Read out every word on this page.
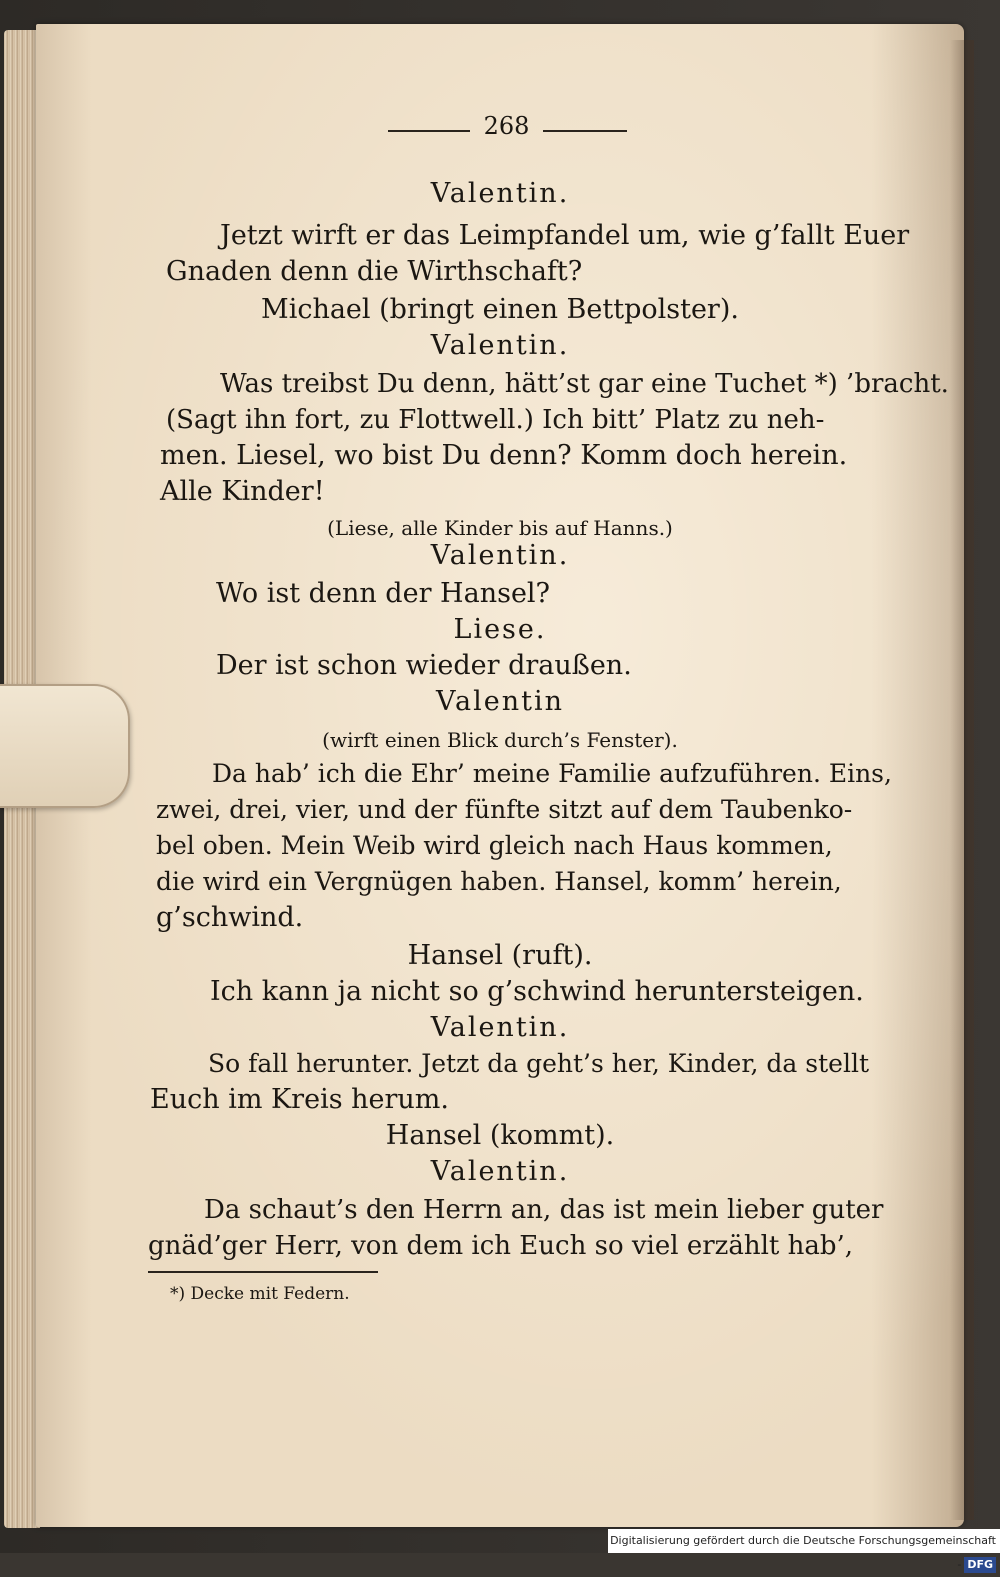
268
Valentin.
Jetzt wirft er das Leimpfandel um, wie g’fallt Euer
Gnaden denn die Wirthschaft?
Michael (bringt einen Bettpolster).
Valentin.
Was treibst Du denn, hätt’st gar eine Tuchet *) ’bracht.
(Sagt ihn fort, zu Flottwell.) Ich bitt’ Platz zu neh-
men. Liesel, wo bist Du denn? Komm doch herein.
Alle Kinder!
(Liese, alle Kinder bis auf Hanns.)
Valentin.
Wo ist denn der Hansel?
Liese.
Der ist schon wieder draußen.
Valentin
(wirft einen Blick durch’s Fenster).
Da hab’ ich die Ehr’ meine Familie aufzuführen. Eins,
zwei, drei, vier, und der fünfte sitzt auf dem Taubenko-
bel oben. Mein Weib wird gleich nach Haus kommen,
die wird ein Vergnügen haben. Hansel, komm’ herein,
g’schwind.
Hansel (ruft).
Ich kann ja nicht so g’schwind heruntersteigen.
Valentin.
So fall herunter. Jetzt da geht’s her, Kinder, da stellt
Euch im Kreis herum.
Hansel (kommt).
Valentin.
Da schaut’s den Herrn an, das ist mein lieber guter
gnäd’ger Herr, von dem ich Euch so viel erzählt hab’,
*) Decke mit Federn.
Digitalisierung gefördert durch die Deutsche Forschungsgemeinschaft - DFG
